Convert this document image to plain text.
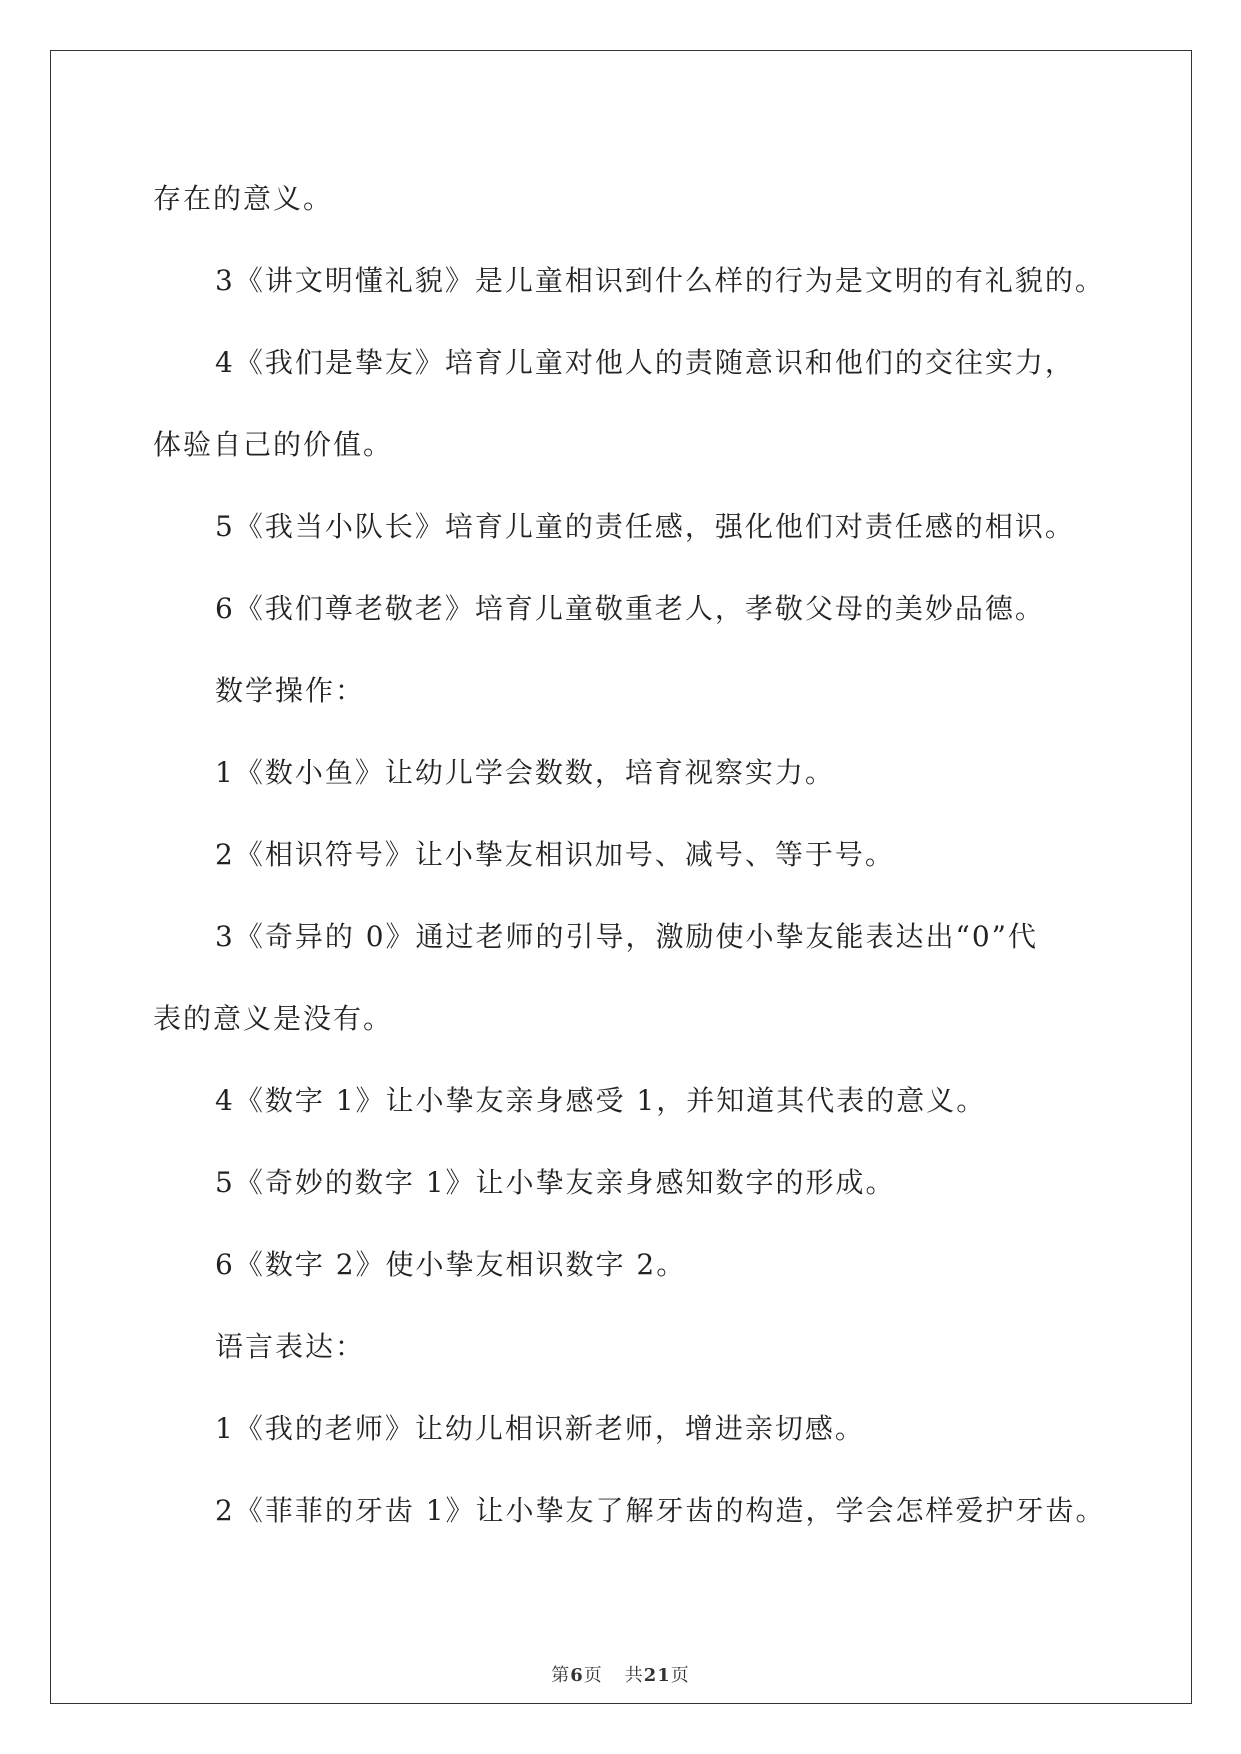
存在的意义。

3《讲文明懂礼貌》是儿童相识到什么样的行为是文明的有礼貌的。

4《我们是挚友》培育儿童对他人的责随意识和他们的交往实力，

体验自己的价值。

5《我当小队长》培育儿童的责任感，强化他们对责任感的相识。

6《我们尊老敬老》培育儿童敬重老人，孝敬父母的美妙品德。

数学操作：

1《数小鱼》让幼儿学会数数，培育视察实力。

2《相识符号》让小挚友相识加号、减号、等于号。

3《奇异的 0》通过老师的引导，激励使小挚友能表达出“0”代

表的意义是没有。

4《数字 1》让小挚友亲身感受 1，并知道其代表的意义。

5《奇妙的数字 1》让小挚友亲身感知数字的形成。

6《数字 2》使小挚友相识数字 2。

语言表达：

1《我的老师》让幼儿相识新老师，增进亲切感。

2《菲菲的牙齿 1》让小挚友了解牙齿的构造，学会怎样爱护牙齿。

第6页 共21页
